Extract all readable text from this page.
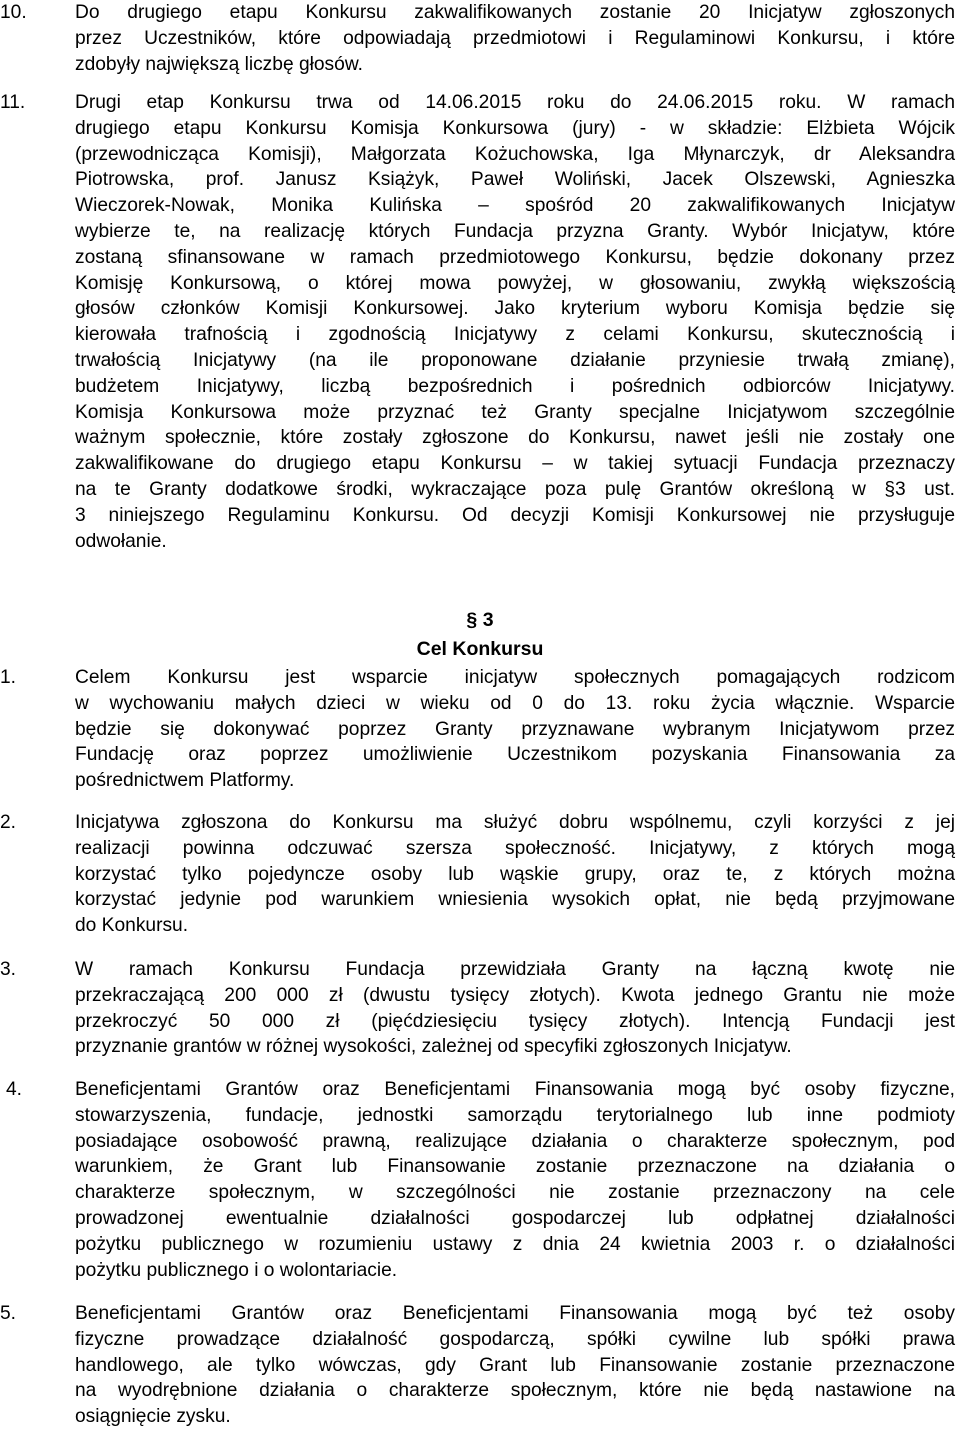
10.	Do drugiego etapu Konkursu zakwalifikowanych zostanie 20 Inicjatyw zgłoszonych
przez Uczestników, które odpowiadają przedmiotowi i Regulaminowi Konkursu, i które
zdobyły największą liczbę głosów.
11.	Drugi etap Konkursu trwa od 14.06.2015 roku do 24.06.2015 roku. W ramach
drugiego etapu Konkursu Komisja Konkursowa (jury) - w składzie: Elżbieta Wójcik
(przewodnicząca Komisji), Małgorzata Kożuchowska, Iga Młynarczyk, dr Aleksandra
Piotrowska, prof. Janusz Książyk, Paweł Woliński, Jacek Olszewski, Agnieszka
Wieczorek-Nowak, Monika Kulińska – spośród 20 zakwalifikowanych Inicjatyw
wybierze te, na realizację których Fundacja przyzna Granty. Wybór Inicjatyw, które
zostaną sfinansowane w ramach przedmiotowego Konkursu, będzie dokonany przez
Komisję Konkursową, o której mowa powyżej, w głosowaniu, zwykłą większością
głosów członków Komisji Konkursowej. Jako kryterium wyboru Komisja będzie się
kierowała trafnością i zgodnością Inicjatywy z celami Konkursu, skutecznością i
trwałością Inicjatywy (na ile proponowane działanie przyniesie trwałą zmianę),
budżetem Inicjatywy, liczbą bezpośrednich i pośrednich odbiorców Inicjatywy.
Komisja Konkursowa może przyznać też Granty specjalne Inicjatywom szczególnie
ważnym społecznie, które zostały zgłoszone do Konkursu, nawet jeśli nie zostały one
zakwalifikowane do drugiego etapu Konkursu – w takiej sytuacji Fundacja przeznaczy
na te Granty dodatkowe środki, wykraczające poza pulę Grantów określoną w §3 ust.
3 niniejszego Regulaminu Konkursu. Od decyzji Komisji Konkursowej nie przysługuje
odwołanie.
§ 3
Cel Konkursu
1.	Celem Konkursu jest wsparcie inicjatyw społecznych pomagających rodzicom
w wychowaniu małych dzieci w wieku od 0 do 13. roku życia włącznie. Wsparcie
będzie się dokonywać poprzez Granty przyznawane wybranym Inicjatywom przez
Fundację oraz poprzez umożliwienie Uczestnikom pozyskania Finansowania za
pośrednictwem Platformy.
2.	Inicjatywa zgłoszona do Konkursu ma służyć dobru wspólnemu, czyli korzyści z jej
realizacji powinna odczuwać szersza społeczność. Inicjatywy, z których mogą
korzystać tylko pojedyncze osoby lub wąskie grupy, oraz te, z których można
korzystać jedynie pod warunkiem wniesienia wysokich opłat, nie będą przyjmowane
do Konkursu.
3.	W ramach Konkursu Fundacja przewidziała Granty na łączną kwotę nie
przekraczającą 200 000 zł (dwustu tysięcy złotych). Kwota jednego Grantu nie może
przekroczyć 50 000 zł (pięćdziesięciu tysięcy złotych). Intencją Fundacji jest
przyznanie grantów w różnej wysokości, zależnej od specyfiki zgłoszonych Inicjatyw.
4.	Beneficjentami Grantów oraz Beneficjentami Finansowania mogą być osoby fizyczne,
stowarzyszenia, fundacje, jednostki samorządu terytorialnego lub inne podmioty
posiadające osobowość prawną, realizujące działania o charakterze społecznym, pod
warunkiem, że Grant lub Finansowanie zostanie przeznaczone na działania o
charakterze społecznym, w szczególności nie zostanie przeznaczony na cele
prowadzonej ewentualnie działalności gospodarczej lub odpłatnej działalności
pożytku publicznego w rozumieniu ustawy z dnia 24 kwietnia 2003 r. o działalności
pożytku publicznego i o wolontariacie.
5.	Beneficjentami Grantów oraz Beneficjentami Finansowania mogą być też osoby
fizyczne prowadzące działalność gospodarczą, spółki cywilne lub spółki prawa
handlowego, ale tylko wówczas, gdy Grant lub Finansowanie zostanie przeznaczone
na wyodrębnione działania o charakterze społecznym, które nie będą nastawione na
osiągnięcie zysku.
